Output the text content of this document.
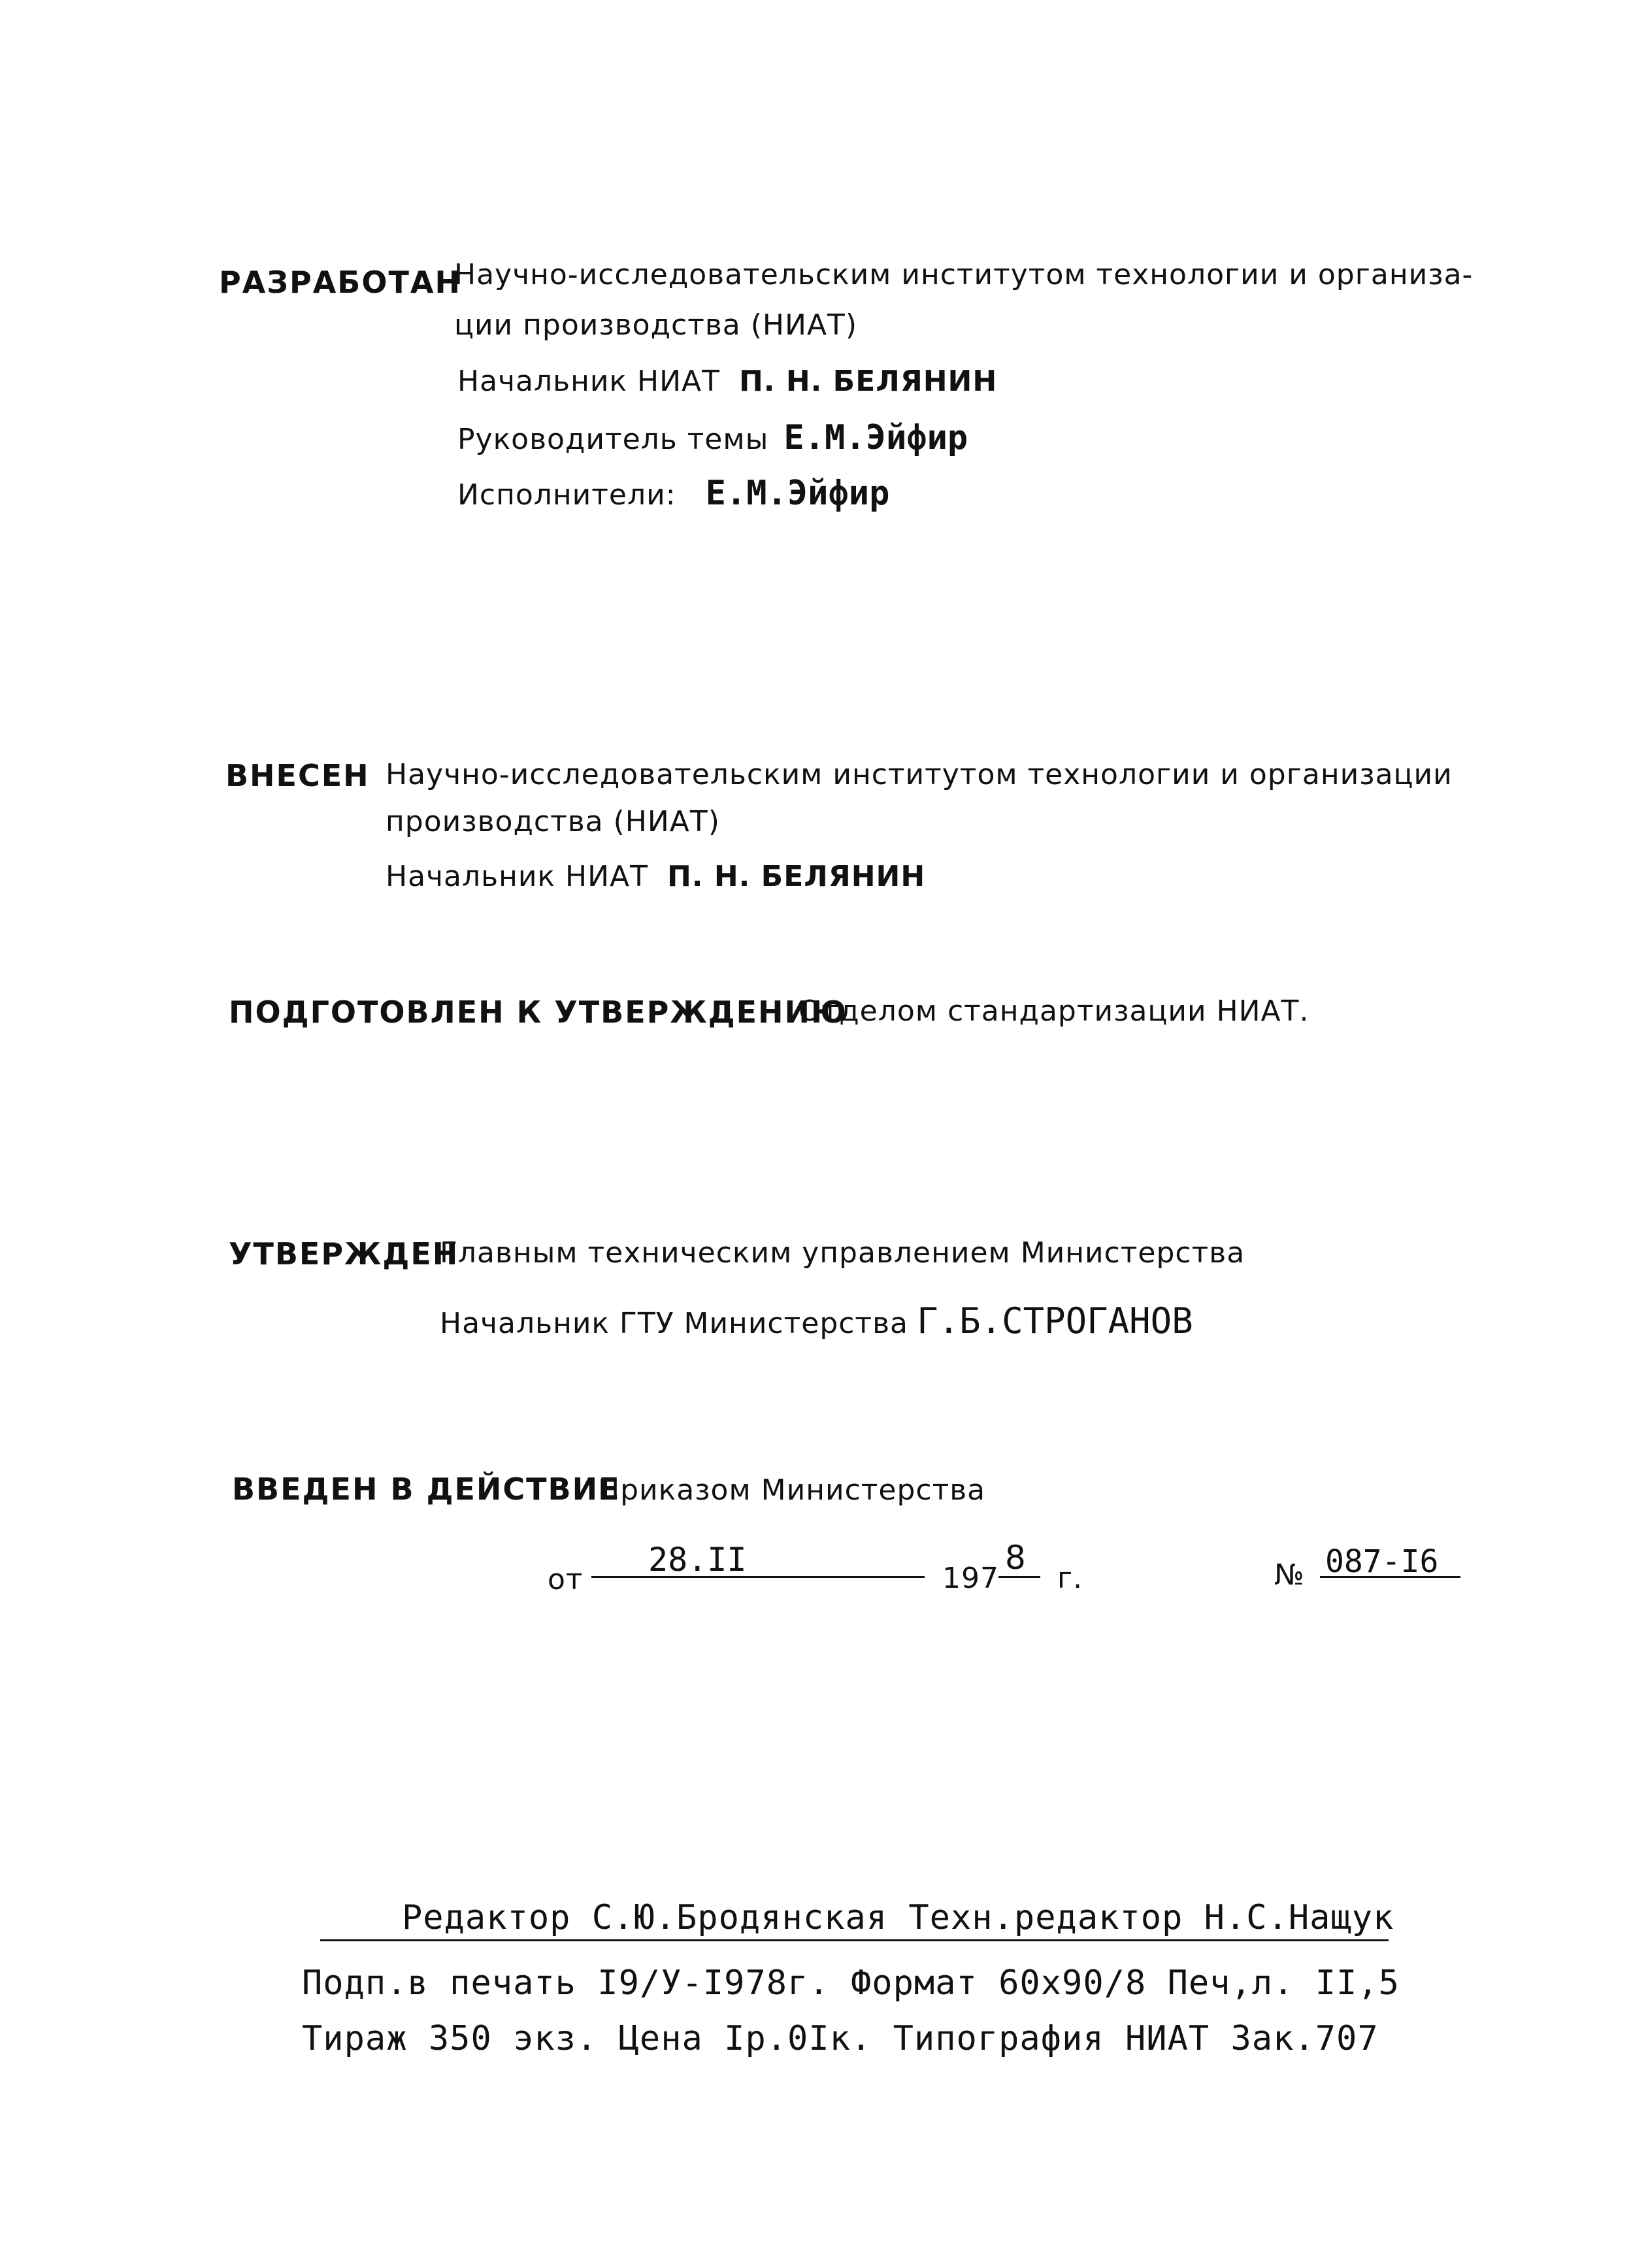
РАЗРАБОТАН
Научно-исследовательским институтом технологии и организа-
ции производства (НИАТ)
Начальник НИАТ П. Н. БЕЛЯНИН
Руководитель темы Е.М.Эйфир
Исполнители: Е.М.Эйфир
ВНЕСЕН Научно-исследовательским институтом технологии и организации
производства (НИАТ)
Начальник НИАТ П. Н. БЕЛЯНИН
ПОДГОТОВЛЕН К УТВЕРЖДЕНИЮ
Отделом стандартизации НИАТ.
УТВЕРЖДЕН
Главным техническим управлением Министерства
Начальник ГТУ Министерства Г.Б.СТРОГАНОВ
ВВЕДЕН В ДЕЙСТВИЕ
Приказом Министерства
от
28.II	197
8
г.	№ 087-I6
Редактор С.Ю.Бродянская Техн.редактор Н.С.Нащук
Подп.в печать I9/У-I978г. Формат 60х90/8 Печ,л. II,5
Тираж 350 экз. Цена Iр.0Iк. Типография НИАТ Зак.707
